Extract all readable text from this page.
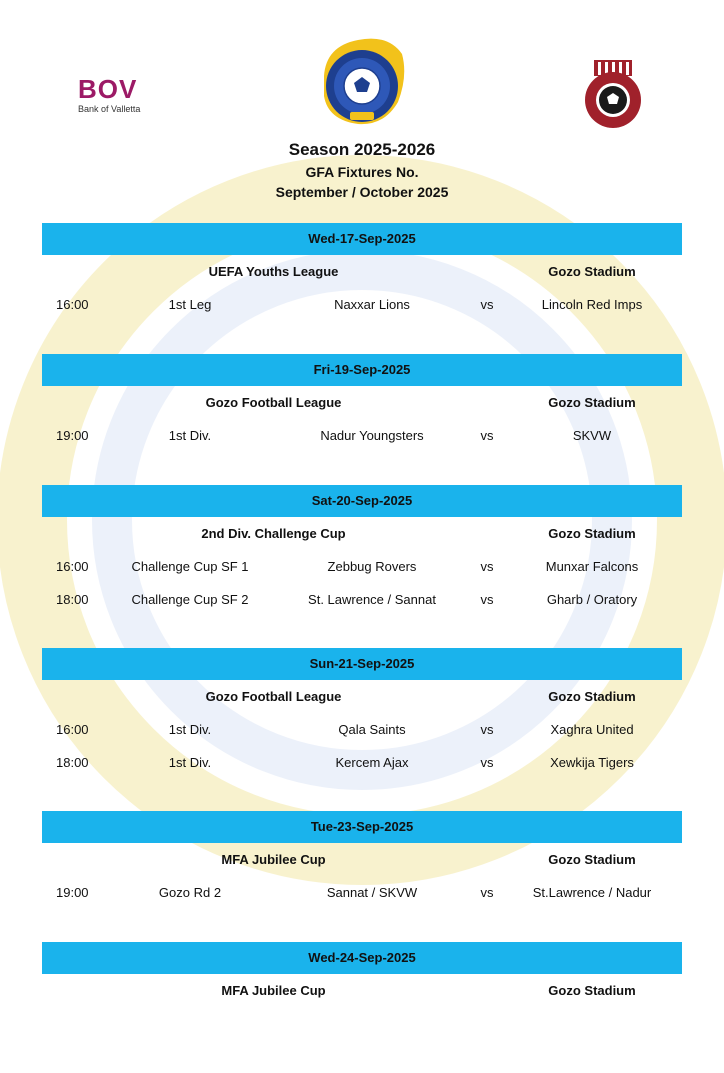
BOV
Bank of Valletta
Season 2025-2026
GFA Fixtures No.
September / October 2025
Wed-17-Sep-2025
UEFA Youths League	Gozo Stadium
16:00	1st Leg	Naxxar Lions	vs	Lincoln Red Imps
Fri-19-Sep-2025
Gozo Football League	Gozo Stadium
19:00	1st Div.	Nadur Youngsters	vs	SKVW
Sat-20-Sep-2025
2nd Div. Challenge Cup	Gozo Stadium
16:00	Challenge Cup SF 1	Zebbug Rovers	vs	Munxar Falcons
18:00	Challenge Cup SF 2	St. Lawrence / Sannat	vs	Gharb / Oratory
Sun-21-Sep-2025
Gozo Football League	Gozo Stadium
16:00	1st Div.	Qala Saints	vs	Xaghra United
18:00	1st Div.	Kercem Ajax	vs	Xewkija Tigers
Tue-23-Sep-2025
MFA Jubilee Cup	Gozo Stadium
19:00	Gozo Rd 2	Sannat / SKVW	vs	St.Lawrence / Nadur
Wed-24-Sep-2025
MFA Jubilee Cup	Gozo Stadium
